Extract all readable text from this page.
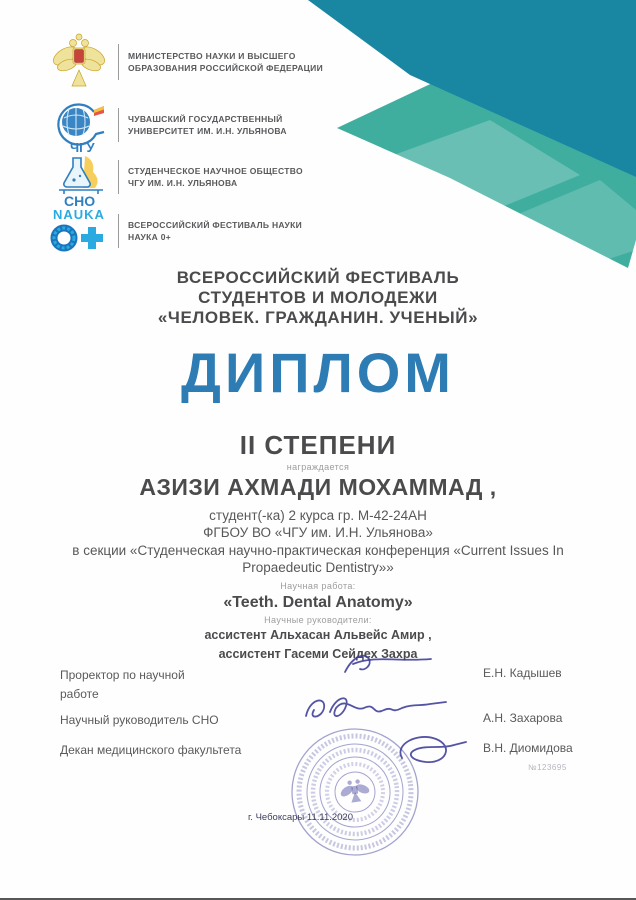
МИНИСТЕРСТВО НАУКИ И ВЫСШЕГО
ОБРАЗОВАНИЯ РОССИЙСКОЙ ФЕДЕРАЦИИ
ЧГУ
ЧУВАШСКИЙ ГОСУДАРСТВЕННЫЙ
УНИВЕРСИТЕТ ИМ. И.Н. УЛЬЯНОВА
СНО
СТУДЕНЧЕСКОЕ НАУЧНОЕ ОБЩЕСТВО
ЧГУ ИМ. И.Н. УЛЬЯНОВА
NAUKA
ВСЕРОССИЙСКИЙ ФЕСТИВАЛЬ НАУКИ
НАУКА 0+
ВСЕРОССИЙСКИЙ ФЕСТИВАЛЬ
СТУДЕНТОВ И МОЛОДЕЖИ
«ЧЕЛОВЕК. ГРАЖДАНИН. УЧЕНЫЙ»
ДИПЛОМ
II СТЕПЕНИ
награждается
АЗИЗИ АХМАДИ МОХАММАД ,
студент(-ка) 2 курса гр. М-42-24АН
ФГБОУ ВО «ЧГУ им. И.Н. Ульянова»
в секции «Студенческая научно-практическая конференция «Current Issues In
Propaedeutic Dentistry»»
Научная работа:
«Teeth. Dental Anatomy»
Научные руководители:
ассистент Альхасан Альвейс Амир ,
ассистент Гасеми Сейдех Захра
Проректор по научной
работе
Е.Н. Кадышев
Научный руководитель СНО	А.Н. Захарова
Декан медицинского факультета	В.Н. Диомидова
№123695
г. Чебоксары 11.11.2020
